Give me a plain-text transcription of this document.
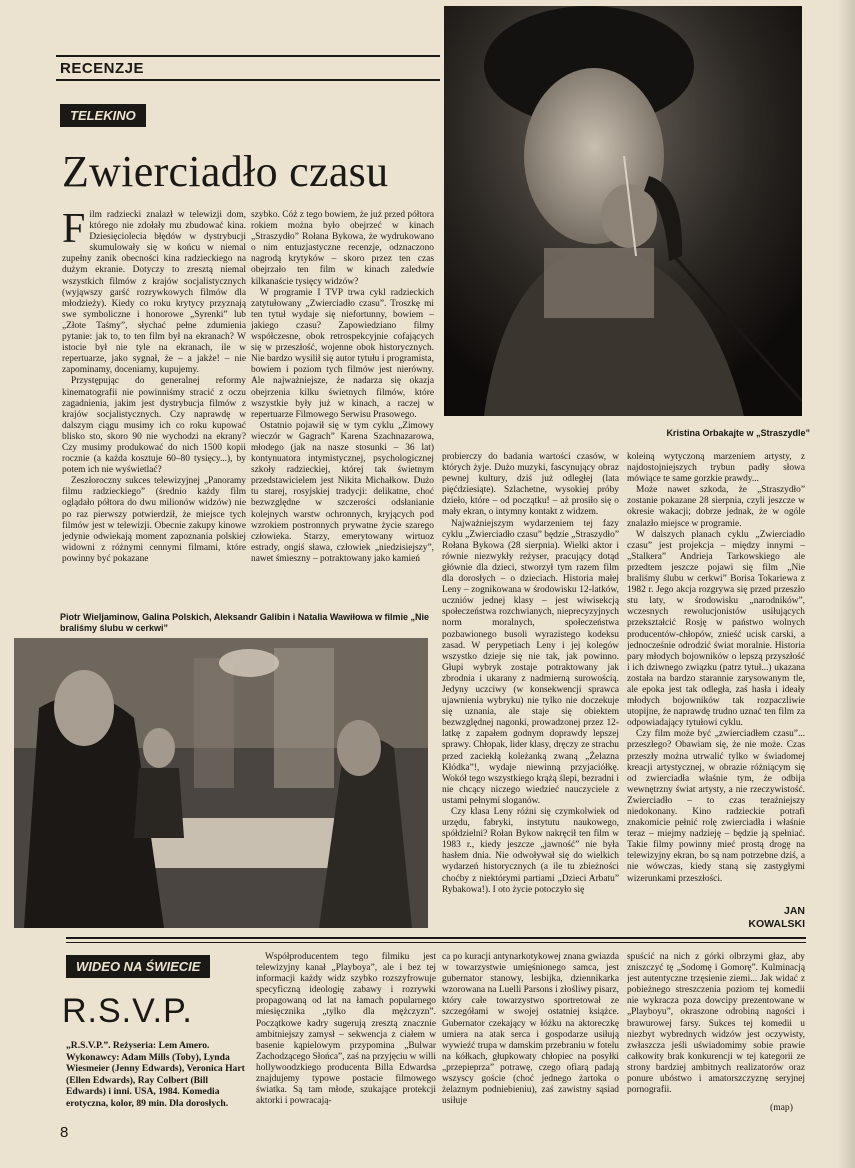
RECENZJE
Kristina Orbakajte w „Straszydle”
TELEKINO
Zwierciadło czasu

Film radziecki znalazł w telewizji dom, którego nie zdołały mu zbudować kina. Dziesięciolecia błędów w dystrybucji skumulowały się w końcu w niemal zupełny zanik obecności kina radzieckiego na dużym ekranie. Dotyczy to zresztą niemal wszystkich filmów z krajów socjalistycznych (wyjąwszy garść rozrywkowych filmów dla młodzieży). Kiedy co roku krytycy przyznają swe symboliczne i honorowe „Syrenki” lub „Złote Taśmy”, słychać pełne zdumienia pytanie: jak to, to ten film był na ekranach? W istocie był nie tyle na ekranach, ile w repertuarze, jako sygnał, że – a jakże! – nie zapominamy, doceniamy, kupujemy.

Przystępując do generalnej reformy kinematografii nie powinniśmy stracić z oczu zagadnienia, jakim jest dystrybucja filmów z krajów socjalistycznych. Czy naprawdę w dalszym ciągu musimy ich co roku kupować blisko sto, skoro 90 nie wychodzi na ekrany? Czy musimy produkować do nich 1500 kopii rocznie (a każda kosztuje 60–80 tysięcy...), by potem ich nie wyświetlać?

Zeszłoroczny sukces telewizyjnej „Panoramy filmu radzieckiego” (średnio każdy film oglądało półtora do dwu milionów widzów) nie po raz pierwszy potwierdził, że miejsce tych filmów jest w telewizji. Obecnie zakupy kinowe jedynie odwiekają moment zapoznania polskiej widowni z różnymi cennymi filmami, które powinny być pokazane

szybko. Cóż z tego bowiem, że już przed półtora rokiem można było obejrzeć w kinach „Straszydło” Rołana Bykowa, że wydrukowano o nim entuzjastyczne recenzje, odznaczono nagrodą krytyków – skoro przez ten czas obejrzało ten film w kinach zaledwie kilkanaście tysięcy widzów?

W programie I TVP trwa cykl radzieckich zatytułowany „Zwierciadło czasu”. Troszkę mi ten tytuł wydaje się niefortunny, bowiem – jakiego czasu? Zapowiedziano filmy współczesne, obok retrospekcyjnie cofających się w przeszłość, wojenne obok historycznych. Nie bardzo wysilił się autor tytułu i programista, bowiem i poziom tych filmów jest nierówny. Ale najważniejsze, że nadarza się okazja obejrzenia kilku świetnych filmów, które wszystkie były już w kinach, a raczej w repertuarze Filmowego Serwisu Prasowego.

Ostatnio pojawił się w tym cyklu „Zimowy wieczór w Gagrach” Karena Szachnazarowa, młodego (jak na nasze stosunki – 36 lat) kontynuatora intymistycznej, psychologicznej szkoły radzieckiej, której tak świetnym przedstawicielem jest Nikita Michałkow. Dużo tu starej, rosyjskiej tradycji: delikatne, choć bezwzględne w szczerości odsłanianie kolejnych warstw ochronnych, kryjących pod wzrokiem postronnych prywatne życie szarego człowieka. Starzy, emerytowany wirtuoz estrady, ongiś sława, człowiek „niedzisiejszy”, nawet śmieszny – potraktowany jako kamień

Piotr Wieljaminow, Galina Polskich, Aleksandr Galibin i Natalia Wawiłowa w filmie „Nie braliśmy ślubu w cerkwi”

probierczy do badania wartości czasów, w których żyje. Dużo muzyki, fascynujący obraz pewnej kultury, dziś już odległej (lata pięćdziesiąte). Szlachetne, wysokiej próby dzieło, które – od początku! – aż prosiło się o mały ekran, o intymny kontakt z widzem.

Najważniejszym wydarzeniem tej fazy cyklu „Zwierciadło czasu” będzie „Straszydło” Rołana Bykowa (28 sierpnia). Wielki aktor i równie niezwykły reżyser, pracujący dotąd głównie dla dzieci, stworzył tym razem film dla dorosłych – o dzieciach. Historia małej Leny – zognikowana w środowisku 12-latków, uczniów jednej klasy – jest wiwisekcją społeczeństwa rozchwianych, nieprecyzyjnych norm moralnych, społeczeństwa pozbawionego busoli wyrazistego kodeksu zasad. W perypetiach Leny i jej kolegów wszystko dzieje się nie tak, jak powinno. Głupi wybryk zostaje potraktowany jak zbrodnia i ukarany z nadmierną surowością. Jedyny uczciwy (w konsekwencji sprawca ujawnienia wybryku) nie tylko nie doczekuje się uznania, ale staje się obiektem bezwzględnej nagonki, prowadzonej przez 12-latkę z zapałem godnym doprawdy lepszej sprawy. Chłopak, lider klasy, dręczy ze strachu przed zaciekłą koleżanką zwaną „Żelazna Kłódka”!, wydaje niewinną przyjaciółkę. Wokół tego wszystkiego krążą ślepi, bezradni i nie chcący niczego wiedzieć nauczyciele z ustami pełnymi sloganów.

Czy klasa Leny różni się czymkolwiek od urzędu, fabryki, instytutu naukowego, spółdzielni? Rołan Bykow nakręcił ten film w 1983 r., kiedy jeszcze „jawność” nie była hasłem dnia. Nie odwoływał się do wielkich wydarzeń historycznych (a ile tu zbieżności choćby z niektórymi partiami „Dzieci Arbatu” Rybakowa!). I oto życie potoczyło się

koleiną wytyczoną marzeniem artysty, z najdostojniejszych trybun padły słowa mówiące te same gorzkie prawdy...

Może nawet szkoda, że „Straszydło” zostanie pokazane 28 sierpnia, czyli jeszcze w okresie wakacji; dobrze jednak, że w ogóle znalazło miejsce w programie.

W dalszych planach cyklu „Zwierciadło czasu” jest projekcja – między innymi – „Stalkera” Andrieja Tarkowskiego ale przedtem jeszcze pojawi się film „Nie braliśmy ślubu w cerkwi” Borisa Tokariewa z 1982 r. Jego akcja rozgrywa się przed przeszło stu laty, w środowisku „narodników”, wczesnych rewolucjonistów usiłujących przekształcić Rosję w państwo wolnych producentów-chłopów, znieść ucisk carski, a jednocześnie odrodzić świat moralnie. Historia pary młodych bojowników o lepszą przyszłość i ich dziwnego związku (patrz tytuł...) ukazana została na bardzo starannie zarysowanym tle, ale epoka jest tak odległa, zaś hasła i ideały młodych bojowników tak rozpaczliwie utopijne, że naprawdę trudno uznać ten film za odpowiadający tytułowi cyklu.

Czy film może być „zwierciadłem czasu”... przeszłego? Obawiam się, że nie może. Czas przeszły można utrwalić tylko w świadomej kreacji artystycznej, w obrazie różniącym się od zwierciadła właśnie tym, że odbija wewnętrzny świat artysty, a nie rzeczywistość. Zwierciadło – to czas teraźniejszy niedokonany. Kino radzieckie potrafi znakomicie pełnić rolę zwierciadła i właśnie teraz – miejmy nadzieję – będzie ją spełniać. Takie filmy powinny mieć prostą drogę na telewizyjny ekran, bo są nam potrzebne dziś, a nie wówczas, kiedy staną się zastygłymi wizerunkami przeszłości.

JAN
KOWALSKI
WIDEO NA ŚWIECIE
R.S.V.P.
„R.S.V.P.”. Reżyseria: Lem Amero. Wykonawcy: Adam Mills (Toby), Lynda Wiesmeier (Jenny Edwards), Veronica Hart (Ellen Edwards), Ray Colbert (Bill Edwards) i inni. USA, 1984. Komedia erotyczna, kolor, 89 min. Dla dorosłych.

Współproducentem tego filmiku jest telewizyjny kanał „Playboya”, ale i bez tej informacji każdy widz szybko rozszyfrowuje specyficzną ideologię zabawy i rozrywki propagowaną od lat na łamach popularnego miesięcznika „tylko dla mężczyzn”. Początkowe kadry sugerują zresztą znacznie ambitniejszy zamysł – sekwencja z ciałem w basenie kąpielowym przypomina „Bulwar Zachodzącego Słońca”, zaś na przyjęciu w willi hollywoodzkiego producenta Billa Edwardsa znajdujemy typowe postacie filmowego światka. Są tam młode, szukające protekcji aktorki i powracają-

ca po kuracji antynarkotykowej znana gwiazda w towarzystwie umięśnionego samca, jest gubernator stanowy, lesbijka, dziennikarka wzorowana na Luelli Parsons i złośliwy pisarz, który całe towarzystwo sportretował ze szczegółami w swojej ostatniej książce. Gubernator czekający w łóżku na aktoreczkę umiera na atak serca i gospodarze usiłują wywieźć trupa w damskim przebraniu w fotelu na kółkach, głupkowaty chłopiec na posyłki „przepieprza” potrawę, czego ofiarą padają wszyscy goście (choć jednego żartoka o żelaznym podniebieniu), zaś zawistny sąsiad usiłuje

spuścić na nich z górki olbrzymi głaz, aby zniszczyć tę „Sodomę i Gomorę”. Kulminacją jest autentyczne trzęsienie ziemi... Jak widać z pobieżnego streszczenia poziom tej komedii nie wykracza poza dowcipy prezentowane w „Playboyu”, okraszone odrobiną nagości i brawurowej farsy. Sukces tej komedii u niezbyt wybrednych widzów jest oczywisty, zwłaszcza jeśli uświadomimy sobie prawie całkowity brak konkurencji w tej kategorii ze strony bardziej ambitnych realizatorów oraz ponure ubóstwo i amatorszczyznę seryjnej pornografii.

(map)
8
